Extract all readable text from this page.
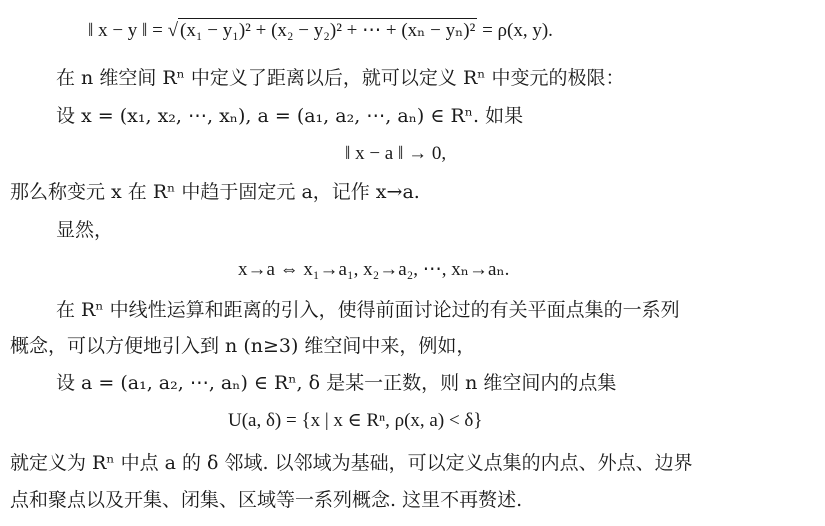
‖ x − y ‖ = √ (x₁ − y₁)² + (x₂ − y₂)² + ⋯ + (xₙ − yₙ)² = ρ(x, y).
在 n 维空间 Rⁿ 中定义了距离以后，就可以定义 Rⁿ 中变元的极限：
设 x = (x₁, x₂, ⋯, xₙ), a = (a₁, a₂, ⋯, aₙ) ∈ Rⁿ. 如果
‖ x − a ‖ → 0,
那么称变元 x 在 Rⁿ 中趋于固定元 a，记作 x→a.
显然，
x→a ⇔ x₁→a₁, x₂→a₂, ⋯, xₙ→aₙ.
在 Rⁿ 中线性运算和距离的引入，使得前面讨论过的有关平面点集的一系列
概念，可以方便地引入到 n (n≥3) 维空间中来，例如，
设 a = (a₁, a₂, ⋯, aₙ) ∈ Rⁿ, δ 是某一正数，则 n 维空间内的点集
U(a, δ) = {x | x ∈ Rⁿ, ρ(x, a) < δ}
就定义为 Rⁿ 中点 a 的 δ 邻域. 以邻域为基础，可以定义点集的内点、外点、边界
点和聚点以及开集、闭集、区域等一系列概念. 这里不再赘述.
